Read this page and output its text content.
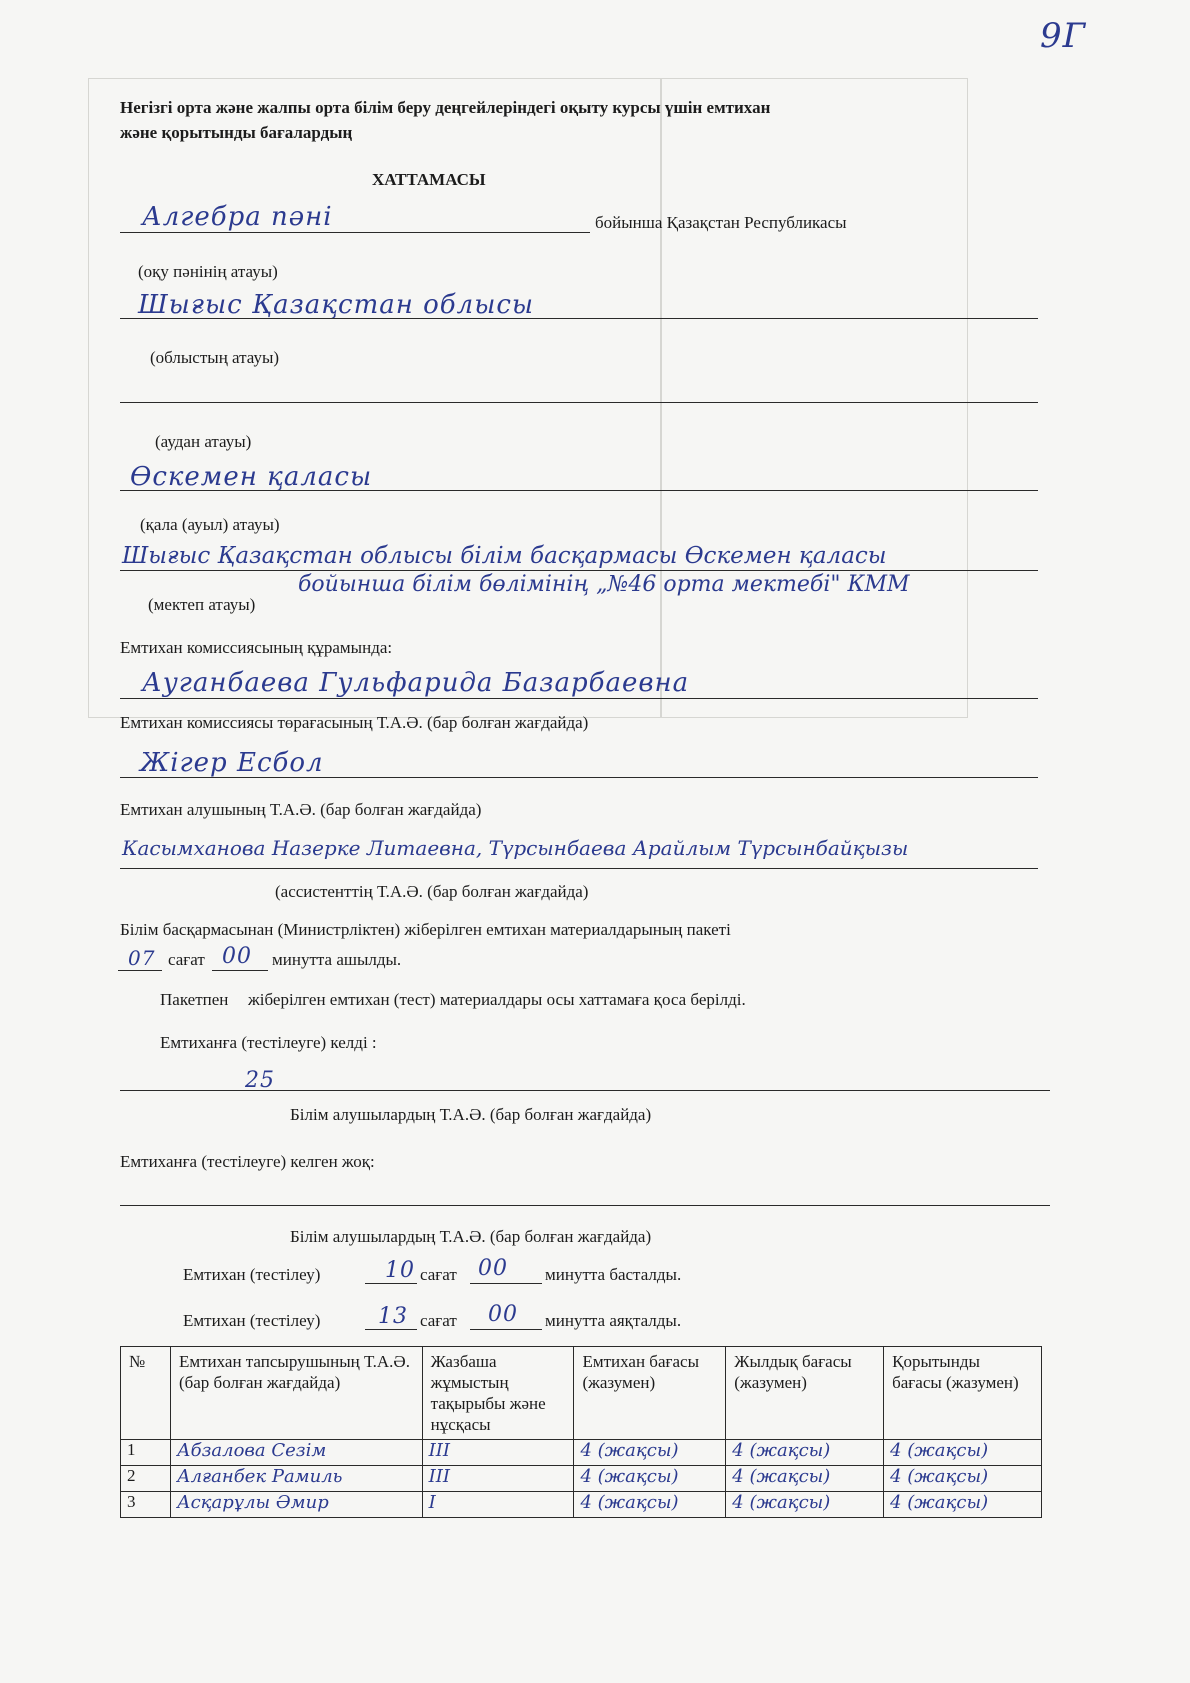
9Г
Негізгі орта және жалпы орта білім беру деңгейлеріндегі оқыту курсы үшін емтихан
және қорытынды бағалардың
ХАТТАМАСЫ
Алгебра пәні	бойынша Қазақстан Республикасы
(оқу пәнінің атауы)
Шығыс Қазақстан облысы
(облыстың атауы)
(аудан атауы)
Өскемен қаласы
(қала (ауыл) атауы)
Шығыс Қазақстан облысы білім басқармасы Өскемен қаласы
(мектеп атауы)
бойынша білім бөлімінің „№46 орта мектебі" КММ
Емтихан комиссиясының құрамында:
Ауганбаева Гульфарида Базарбаевна
Емтихан комиссиясы төрағасының Т.А.Ә. (бар болған жағдайда)
Жігер Есбол
Емтихан алушының Т.А.Ә. (бар болған жағдайда)
Касымханова Назерке Литаевна, Түрсынбаева Арайлым Түрсынбайқызы
(ассистенттің Т.А.Ә. (бар болған жағдайда)
Білім басқармасынан (Министрліктен) жіберілген емтихан материалдарының пакеті
07 сағат 00 минутта ашылды.
Пакетпен жіберілген емтихан (тест) материалдары осы хаттамаға қоса берілді.
Емтиханға (тестілеуге) келді :
25
Білім алушылардың Т.А.Ә. (бар болған жағдайда)
Емтиханға (тестілеуге) келген жоқ:
Білім алушылардың Т.А.Ә. (бар болған жағдайда)
Емтихан (тестілеу)	10 сағат 00 минутта басталды.
Емтихан (тестілеу)	13 сағат 00 минутта аяқталды.
№	Емтихан тапсырушының Т.А.Ә. (бар болған жағдайда)	Жазбаша жұмыстың тақырыбы және нұсқасы	Емтихан бағасы (жазумен)	Жылдық бағасы (жазумен)	Қорытынды бағасы (жазумен)
1	Абзалова Сезім	III	4 (жақсы)	4 (жақсы)	4 (жақсы)
2	Алғанбек Рамиль	III	4 (жақсы)	4 (жақсы)	4 (жақсы)
3	Асқарұлы Әмир	I	4 (жақсы)	4 (жақсы)	4 (жақсы)
